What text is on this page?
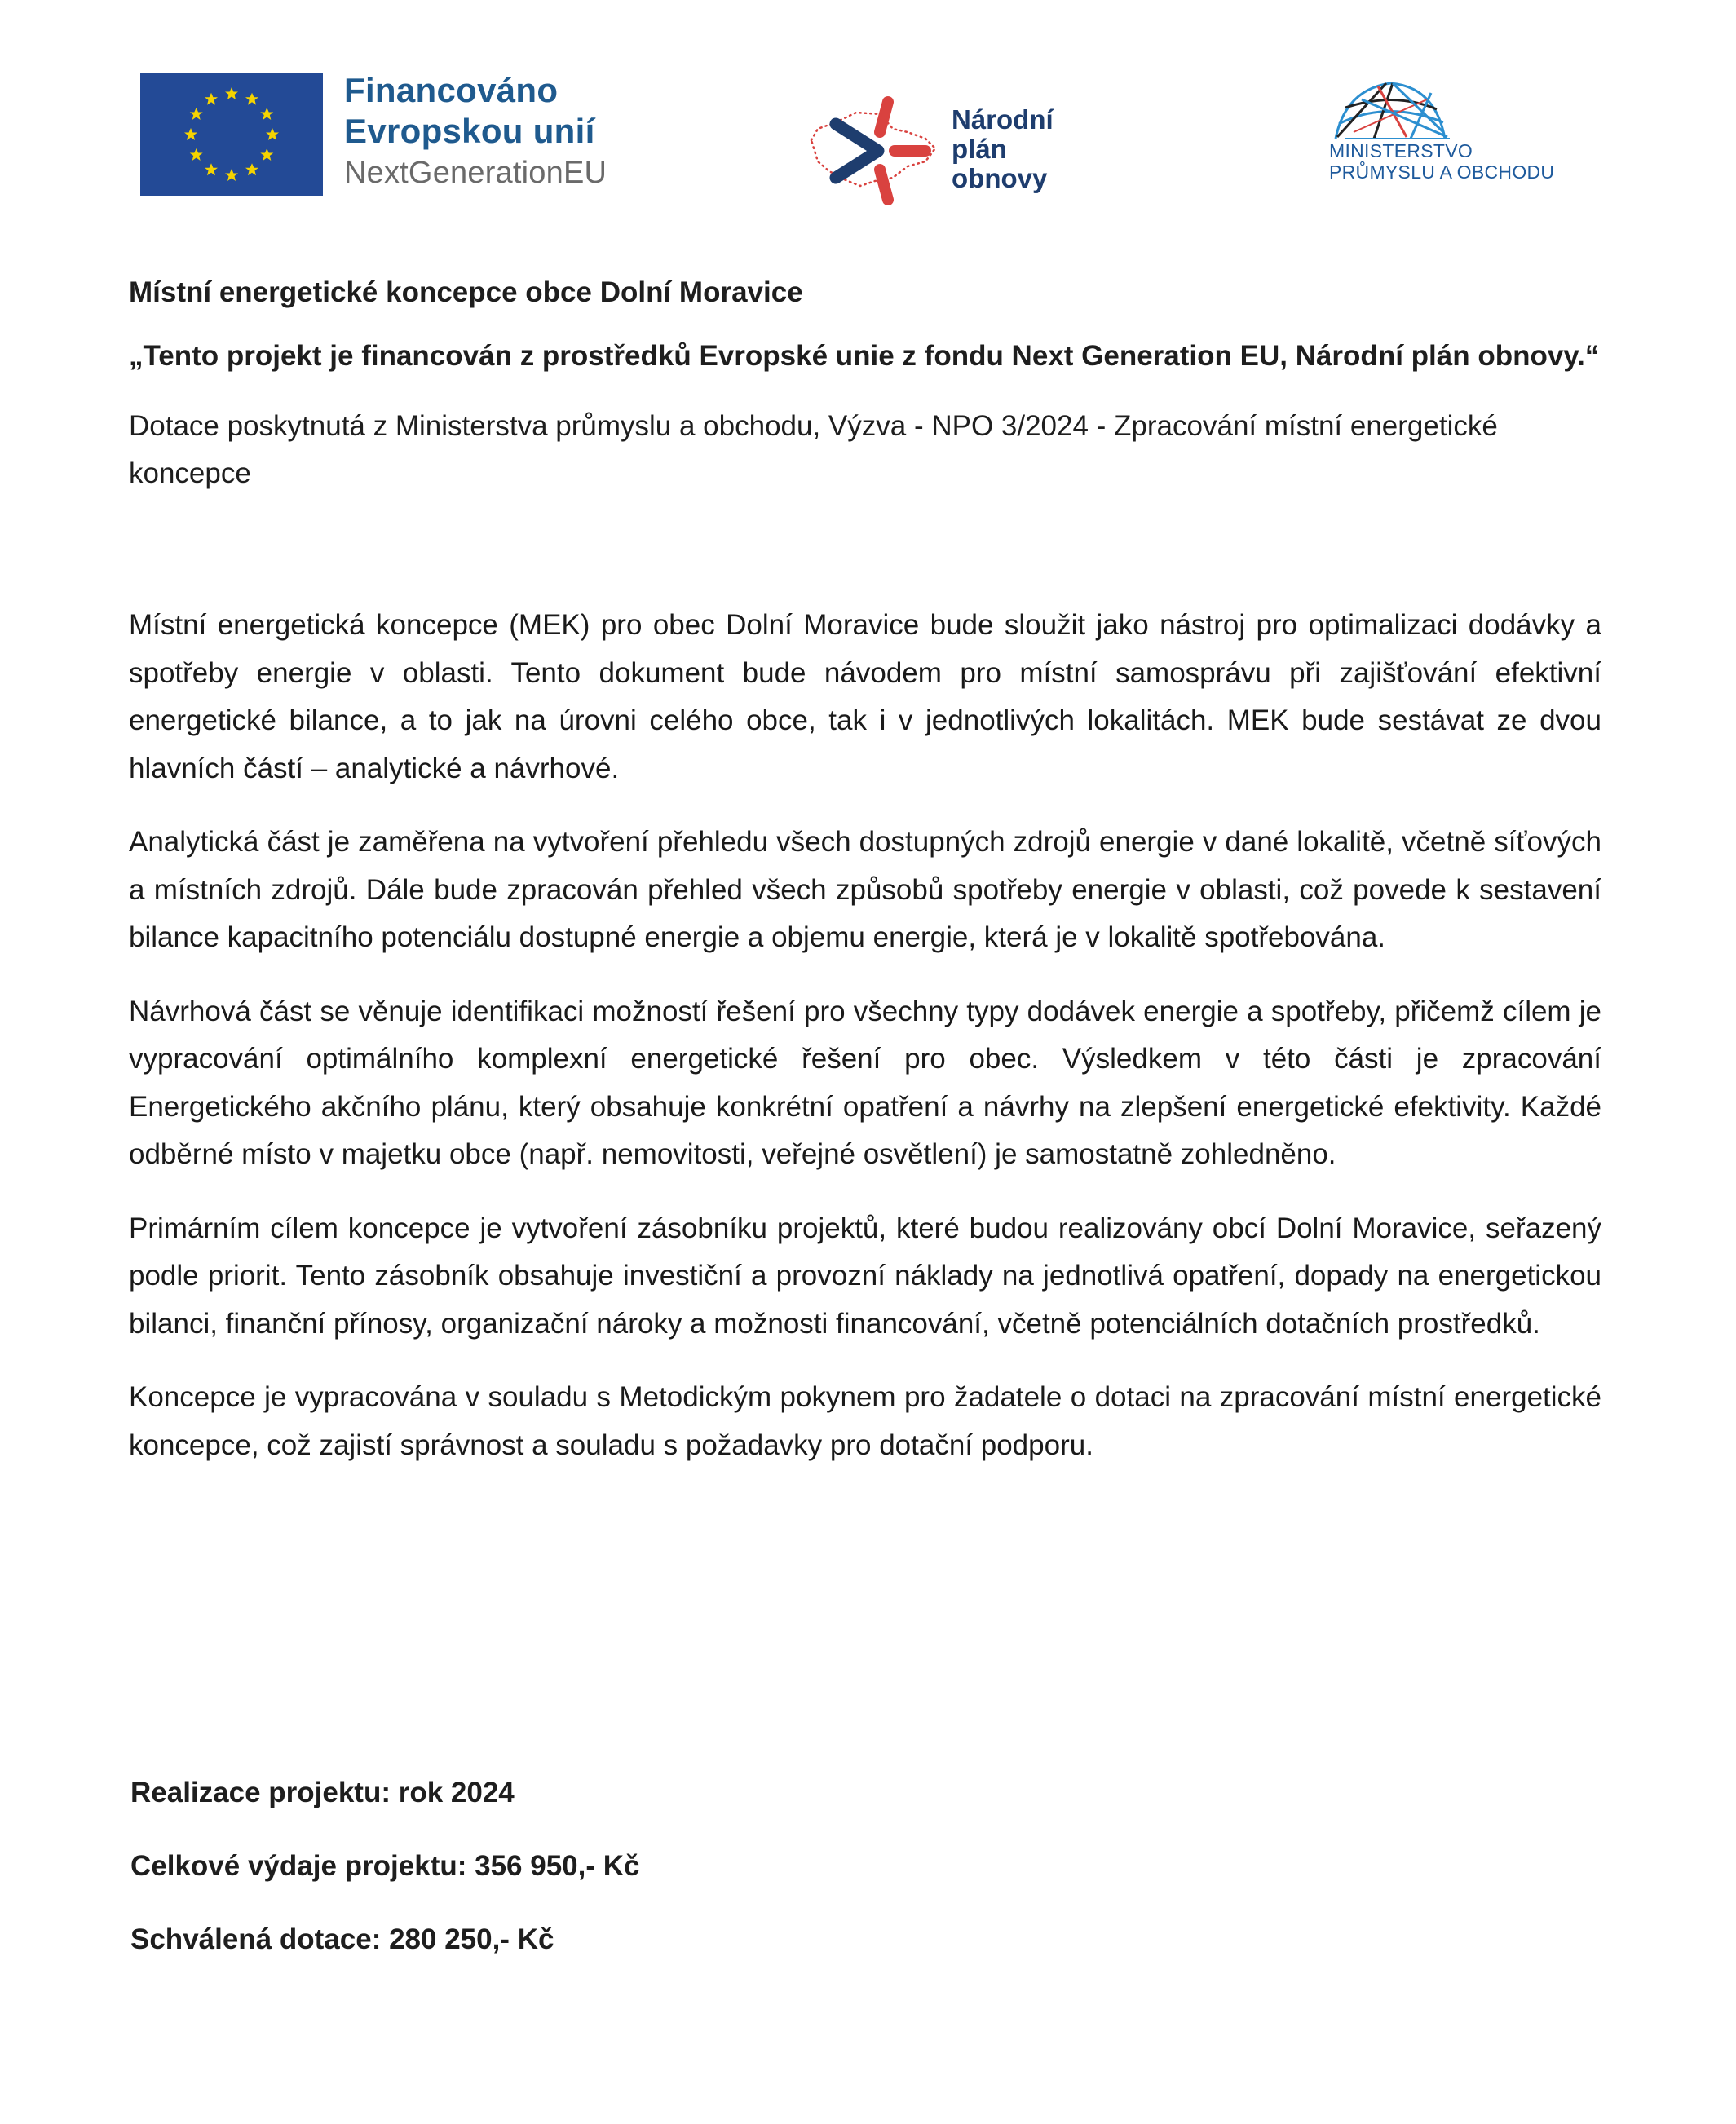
Financováno
Evropskou unií
NextGenerationEU
Národní
plán
obnovy
MINISTERSTVO
PRŮMYSLU A OBCHODU

Místní energetické koncepce obce Dolní Moravice

„Tento projekt je financován z prostředků Evropské unie z fondu Next Generation EU, Národní plán obnovy.“

Dotace poskytnutá z Ministerstva průmyslu a obchodu, Výzva - NPO 3/2024 - Zpracování místní energetické koncepce

Místní energetická koncepce (MEK) pro obec Dolní Moravice bude sloužit jako nástroj pro optimalizaci dodávky a spotřeby energie v oblasti. Tento dokument bude návodem pro místní samosprávu při zajišťování efektivní energetické bilance, a to jak na úrovni celého obce, tak i v jednotlivých lokalitách. MEK bude sestávat ze dvou hlavních částí – analytické a návrhové.

Analytická část je zaměřena na vytvoření přehledu všech dostupných zdrojů energie v dané lokalitě, včetně síťových a místních zdrojů. Dále bude zpracován přehled všech způsobů spotřeby energie v oblasti, což povede k sestavení bilance kapacitního potenciálu dostupné energie a objemu energie, která je v lokalitě spotřebována.

Návrhová část se věnuje identifikaci možností řešení pro všechny typy dodávek energie a spotřeby, přičemž cílem je vypracování optimálního komplexní energetické řešení pro obec. Výsledkem v této části je zpracování Energetického akčního plánu, který obsahuje konkrétní opatření a návrhy na zlepšení energetické efektivity. Každé odběrné místo v majetku obce (např. nemovitosti, veřejné osvětlení) je samostatně zohledněno.

Primárním cílem koncepce je vytvoření zásobníku projektů, které budou realizovány obcí Dolní Moravice, seřazený podle priorit. Tento zásobník obsahuje investiční a provozní náklady na jednotlivá opatření, dopady na energetickou bilanci, finanční přínosy, organizační nároky a možnosti financování, včetně potenciálních dotačních prostředků.

Koncepce je vypracována v souladu s Metodickým pokynem pro žadatele o dotaci na zpracování místní energetické koncepce, což zajistí správnost a souladu s požadavky pro dotační podporu.

Realizace projektu: rok 2024

Celkové výdaje projektu: 356 950,- Kč

Schválená dotace: 280 250,- Kč
